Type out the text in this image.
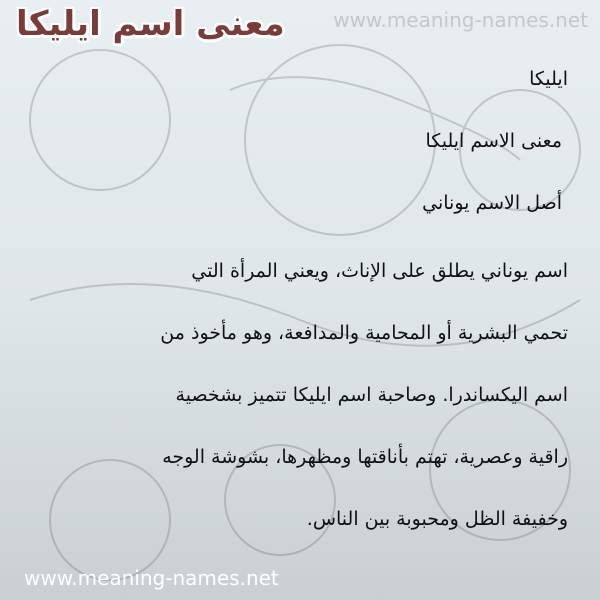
www.meaning-names.net
معنى اسم ايليكا
ايليكا
معنى الاسم ايليكا
أصل الاسم يوناني
اسم يوناني يطلق على الإناث، ويعني المرأة التي
تحمي البشرية أو المحامية والمدافعة، وهو مأخوذ من
اسم اليكساندرا. وصاحبة اسم ايليكا تتميز بشخصية
راقية وعصرية، تهتم بأناقتها ومظهرها، بشوشة الوجه
وخفيفة الظل ومحبوبة بين الناس.
www.meaning-names.net
